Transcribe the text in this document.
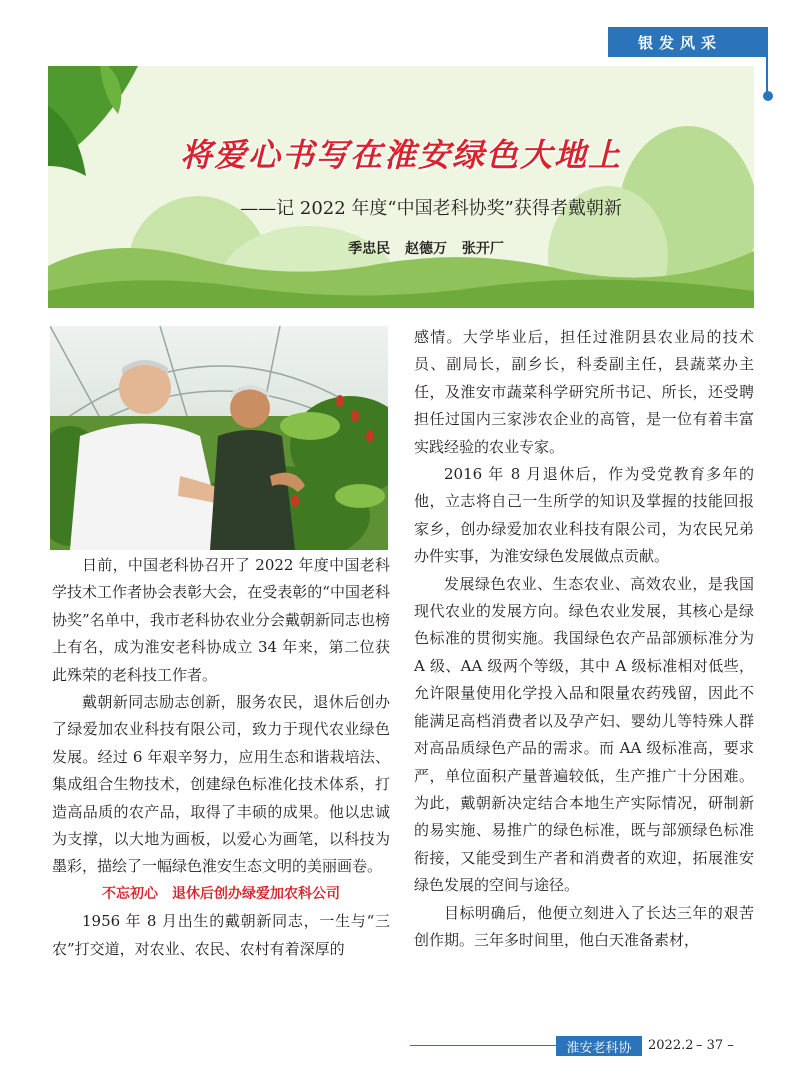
银发风采
将爱心书写在淮安绿色大地上
——记 2022 年度“中国老科协奖”获得者戴朝新
季忠民 赵德万 张开厂

日前，中国老科协召开了 2022 年度中国老科学技术工作者协会表彰大会，在受表彰的“中国老科协奖”名单中，我市老科协农业分会戴朝新同志也榜上有名，成为淮安老科协成立 34 年来，第二位获此殊荣的老科技工作者。

戴朝新同志励志创新，服务农民，退休后创办了绿爱加农业科技有限公司，致力于现代农业绿色发展。经过 6 年艰辛努力，应用生态和谐栽培法、集成组合生物技术，创建绿色标准化技术体系，打造高品质的农产品，取得了丰硕的成果。他以忠诚为支撑，以大地为画板，以爱心为画笔，以科技为墨彩，描绘了一幅绿色淮安生态文明的美丽画卷。

不忘初心　退休后创办绿爱加农科公司

1956 年 8 月出生的戴朝新同志，一生与“三农”打交道，对农业、农民、农村有着深厚的

感情。大学毕业后，担任过淮阴县农业局的技术员、副局长，副乡长，科委副主任，县蔬菜办主任，及淮安市蔬菜科学研究所书记、所长，还受聘担任过国内三家涉农企业的高管，是一位有着丰富实践经验的农业专家。

2016 年 8 月退休后，作为受党教育多年的他，立志将自己一生所学的知识及掌握的技能回报家乡，创办绿爱加农业科技有限公司，为农民兄弟办件实事，为淮安绿色发展做点贡献。

发展绿色农业、生态农业、高效农业，是我国现代农业的发展方向。绿色农业发展，其核心是绿色标准的贯彻实施。我国绿色农产品部颁标准分为 A 级、AA 级两个等级，其中 A 级标准相对低些，允许限量使用化学投入品和限量农药残留，因此不能满足高档消费者以及孕产妇、婴幼儿等特殊人群对高品质绿色产品的需求。而 AA 级标准高，要求严，单位面积产量普遍较低，生产推广十分困难。为此，戴朝新决定结合本地生产实际情况，研制新的易实施、易推广的绿色标准，既与部颁绿色标准衔接，又能受到生产者和消费者的欢迎，拓展淮安绿色发展的空间与途径。

目标明确后，他便立刻进入了长达三年的艰苦创作期。三年多时间里，他白天准备素材，

淮安老科协	2022.2 – 37 –
